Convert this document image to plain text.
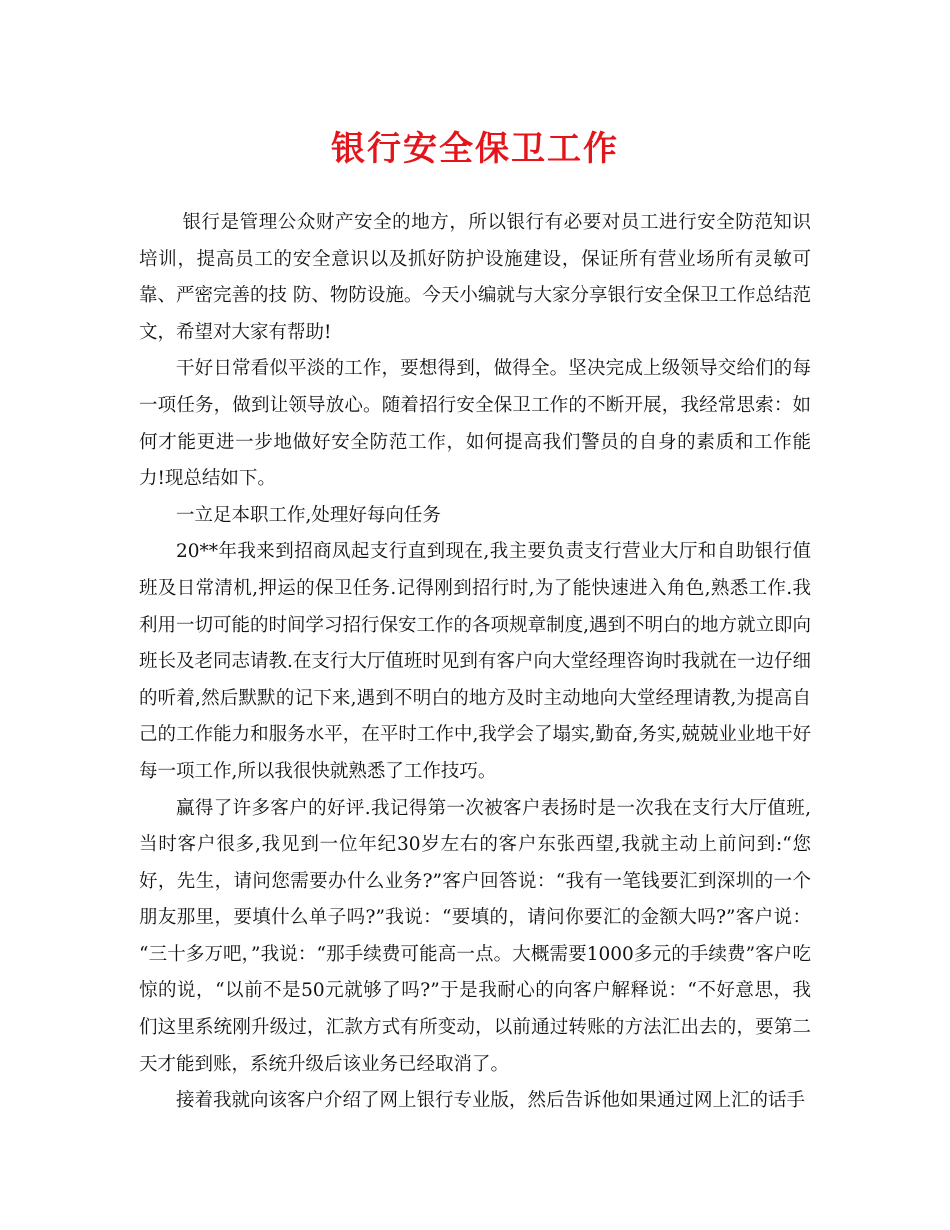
银行安全保卫工作

银行是管理公众财产安全的地方，所以银行有必要对员工进行安全防范知识培训，提高员工的安全意识以及抓好防护设施建设，保证所有营业场所有灵敏可靠、严密完善的技 防、物防设施。今天小编就与大家分享银行安全保卫工作总结范文，希望对大家有帮助!

干好日常看似平淡的工作，要想得到，做得全。坚决完成上级领导交给们的每一项任务，做到让领导放心。随着招行安全保卫工作的不断开展，我经常思索：如何才能更进一步地做好安全防范工作，如何提高我们警员的自身的素质和工作能力!现总结如下。

一立足本职工作,处理好每向任务

20**年我来到招商凤起支行直到现在,我主要负责支行营业大厅和自助银行值班及日常清机,押运的保卫任务.记得刚到招行时,为了能快速进入角色,熟悉工作.我利用一切可能的时间学习招行保安工作的各项规章制度,遇到不明白的地方就立即向班长及老同志请教.在支行大厅值班时见到有客户向大堂经理咨询时我就在一边仔细的听着,然后默默的记下来,遇到不明白的地方及时主动地向大堂经理请教,为提高自己的工作能力和服务水平，在平时工作中,我学会了塌实,勤奋,务实,兢兢业业地干好每一项工作,所以我很快就熟悉了工作技巧。

赢得了许多客户的好评.我记得第一次被客户表扬时是一次我在支行大厅值班,当时客户很多,我见到一位年纪30岁左右的客户东张西望,我就主动上前问到:“您好，先生，请问您需要办什么业务?”客户回答说：“我有一笔钱要汇到深圳的一个朋友那里，要填什么单子吗?”我说：“要填的，请问你要汇的金额大吗?”客户说： “三十多万吧，”我说：“那手续费可能高一点。大概需要1000多元的手续费”客户吃惊的说，“以前不是50元就够了吗?”于是我耐心的向客户解释说：“不好意思，我们这里系统刚升级过，汇款方式有所变动，以前通过转账的方法汇出去的，要第二天才能到账，系统升级后该业务已经取消了。

接着我就向该客户介绍了网上银行专业版，然后告诉他如果通过网上汇的话手
